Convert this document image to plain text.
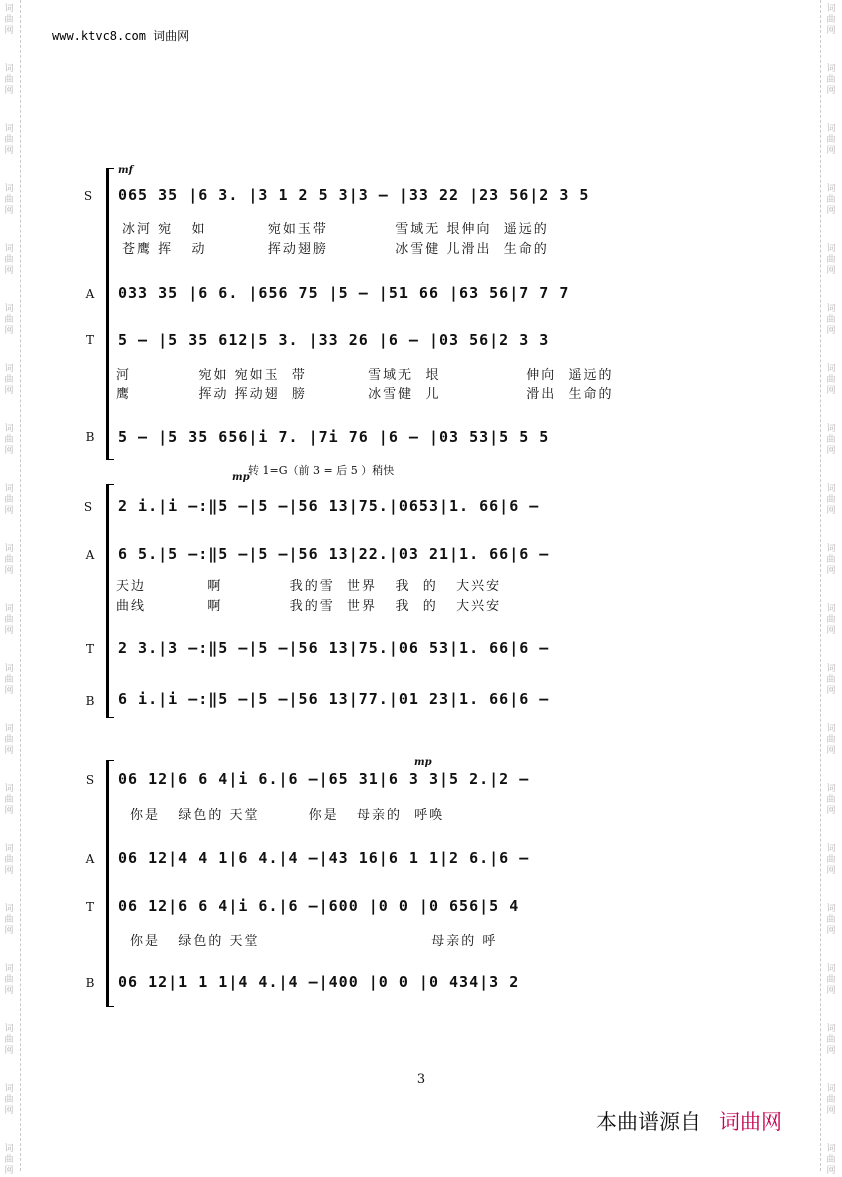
词
曲
网
词
曲
网
词
曲
网
词
曲
网
词
曲
网
词
曲
网
词
曲
网
词
曲
网
词
曲
网
词
曲
网
词
曲
网
词
曲
网
词
曲
网
词
曲
网
词
曲
网
词
曲
网
词
曲
网
词
曲
网
词
曲
网
词
曲
网
词
曲
网
词
曲
网
词
曲
网
词
曲
网
词
曲
网
词
曲
网
词
曲
网
词
曲
网
词
曲
网
词
曲
网
词
曲
网
词
曲
网
词
曲
网
词
曲
网
词
曲
网
词
曲
网
词
曲
网
词
曲
网
词
曲
网
词
曲
网
www.ktvc8.com 词曲网
mf
S	065 35 |6 3. |3 1 2 5 3|3 – |33 22 |23 56|2 3 5
冰河 宛   如          宛如玉带           雪域无 垠伸向  遥远的
苍鹰 挥   动          挥动翅膀           冰雪健 儿滑出  生命的
A	033 35 |6 6. |656 75 |5 – |51 66 |63 56|7 7 7
T	5 – |5 35 612|5 3. |33 26 |6 – |03 56|2 3 3
河           宛如 宛如玉  带          雪域无  垠              伸向  遥远的
鹰           挥动 挥动翅  膀          冰雪健  儿              滑出  生命的
B	5 – |5 35 656|i 7. |7i 76 |6 – |03 53|5 5 5
转 1=G（前 3 = 后 5 ）稍快
mp
S	2 i.|i –:‖5 –|5 –|56 13|75.|0653|1. 66|6 –
A	6 5.|5 –:‖5 –|5 –|56 13|22.|03 21|1. 66|6 –
天边          啊           我的雪  世界   我  的   大兴安
曲线          啊           我的雪  世界   我  的   大兴安
T	2 3.|3 –:‖5 –|5 –|56 13|75.|06 53|1. 66|6 –
B	6 i.|i –:‖5 –|5 –|56 13|77.|01 23|1. 66|6 –
mp
S	06 12|6 6 4|i 6.|6 –|65 31|6 3 3|5 2.|2 –
你是   绿色的 天堂        你是   母亲的  呼唤
A	06 12|4 4 1|6 4.|4 –|43 16|6 1 1|2 6.|6 –
T	06 12|6 6 4|i 6.|6 –|600 |0 0 |0 656|5 4
你是   绿色的 天堂                            母亲的 呼
B	06 12|1 1 1|4 4.|4 –|400 |0 0 |0 434|3 2
3
本曲谱源自 词曲网
